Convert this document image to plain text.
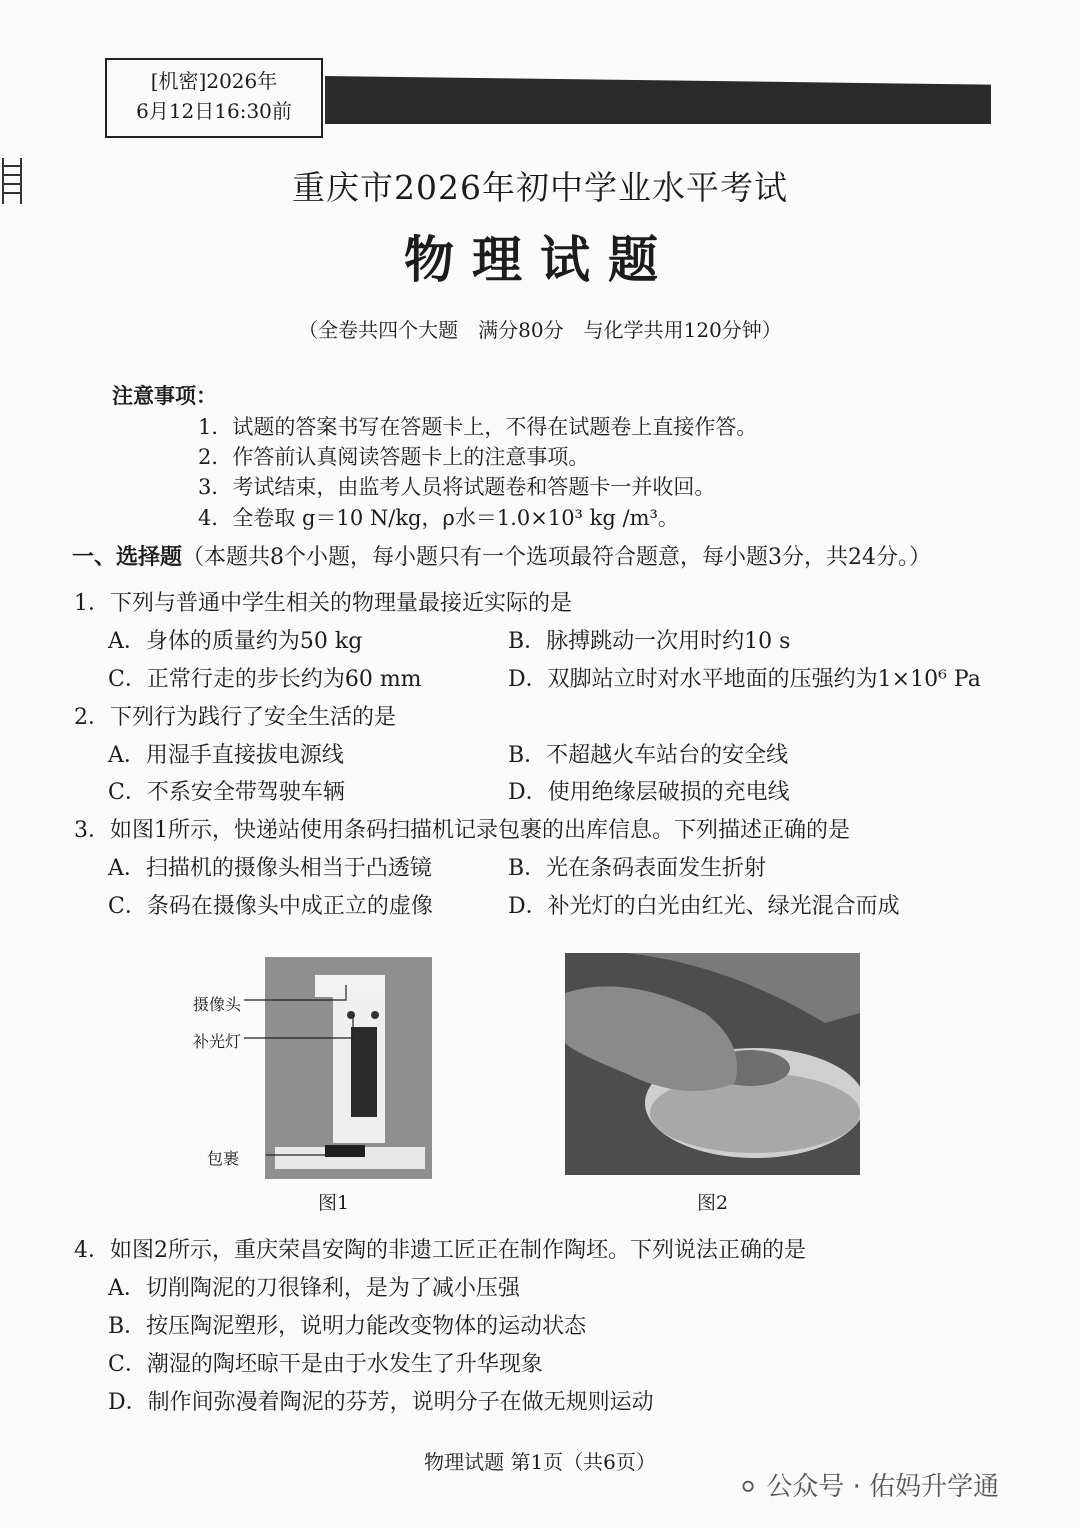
[机密]2026年
6月12日16:30前
重庆市2026年初中学业水平考试
物理试题
（全卷共四个大题　满分80分　与化学共用120分钟）
注意事项：
1．试题的答案书写在答题卡上，不得在试题卷上直接作答。
2．作答前认真阅读答题卡上的注意事项。
3．考试结束，由监考人员将试题卷和答题卡一并收回。
4．全卷取 g＝10 N/kg，ρ水＝1.0×10³ kg /m³。
一、选择题（本题共8个小题，每小题只有一个选项最符合题意，每小题3分，共24分。）
1．下列与普通中学生相关的物理量最接近实际的是
A．身体的质量约为50 kg	B．脉搏跳动一次用时约10 s
C．正常行走的步长约为60 mm	D．双脚站立时对水平地面的压强约为1×10⁶ Pa
2．下列行为践行了安全生活的是
A．用湿手直接拔电源线	B．不超越火车站台的安全线
C．不系安全带驾驶车辆	D．使用绝缘层破损的充电线
3．如图1所示，快递站使用条码扫描机记录包裹的出库信息。下列描述正确的是
A．扫描机的摄像头相当于凸透镜	B．光在条码表面发生折射
C．条码在摄像头中成正立的虚像	D．补光灯的白光由红光、绿光混合而成
摄像头
补光灯
包裹
图1	图2
4．如图2所示，重庆荣昌安陶的非遗工匠正在制作陶坯。下列说法正确的是
A．切削陶泥的刀很锋利，是为了减小压强
B．按压陶泥塑形，说明力能改变物体的运动状态
C．潮湿的陶坯晾干是由于水发生了升华现象
D．制作间弥漫着陶泥的芬芳，说明分子在做无规则运动
物理试题 第1页（共6页）
⚪ 公众号 · 佑妈升学通
